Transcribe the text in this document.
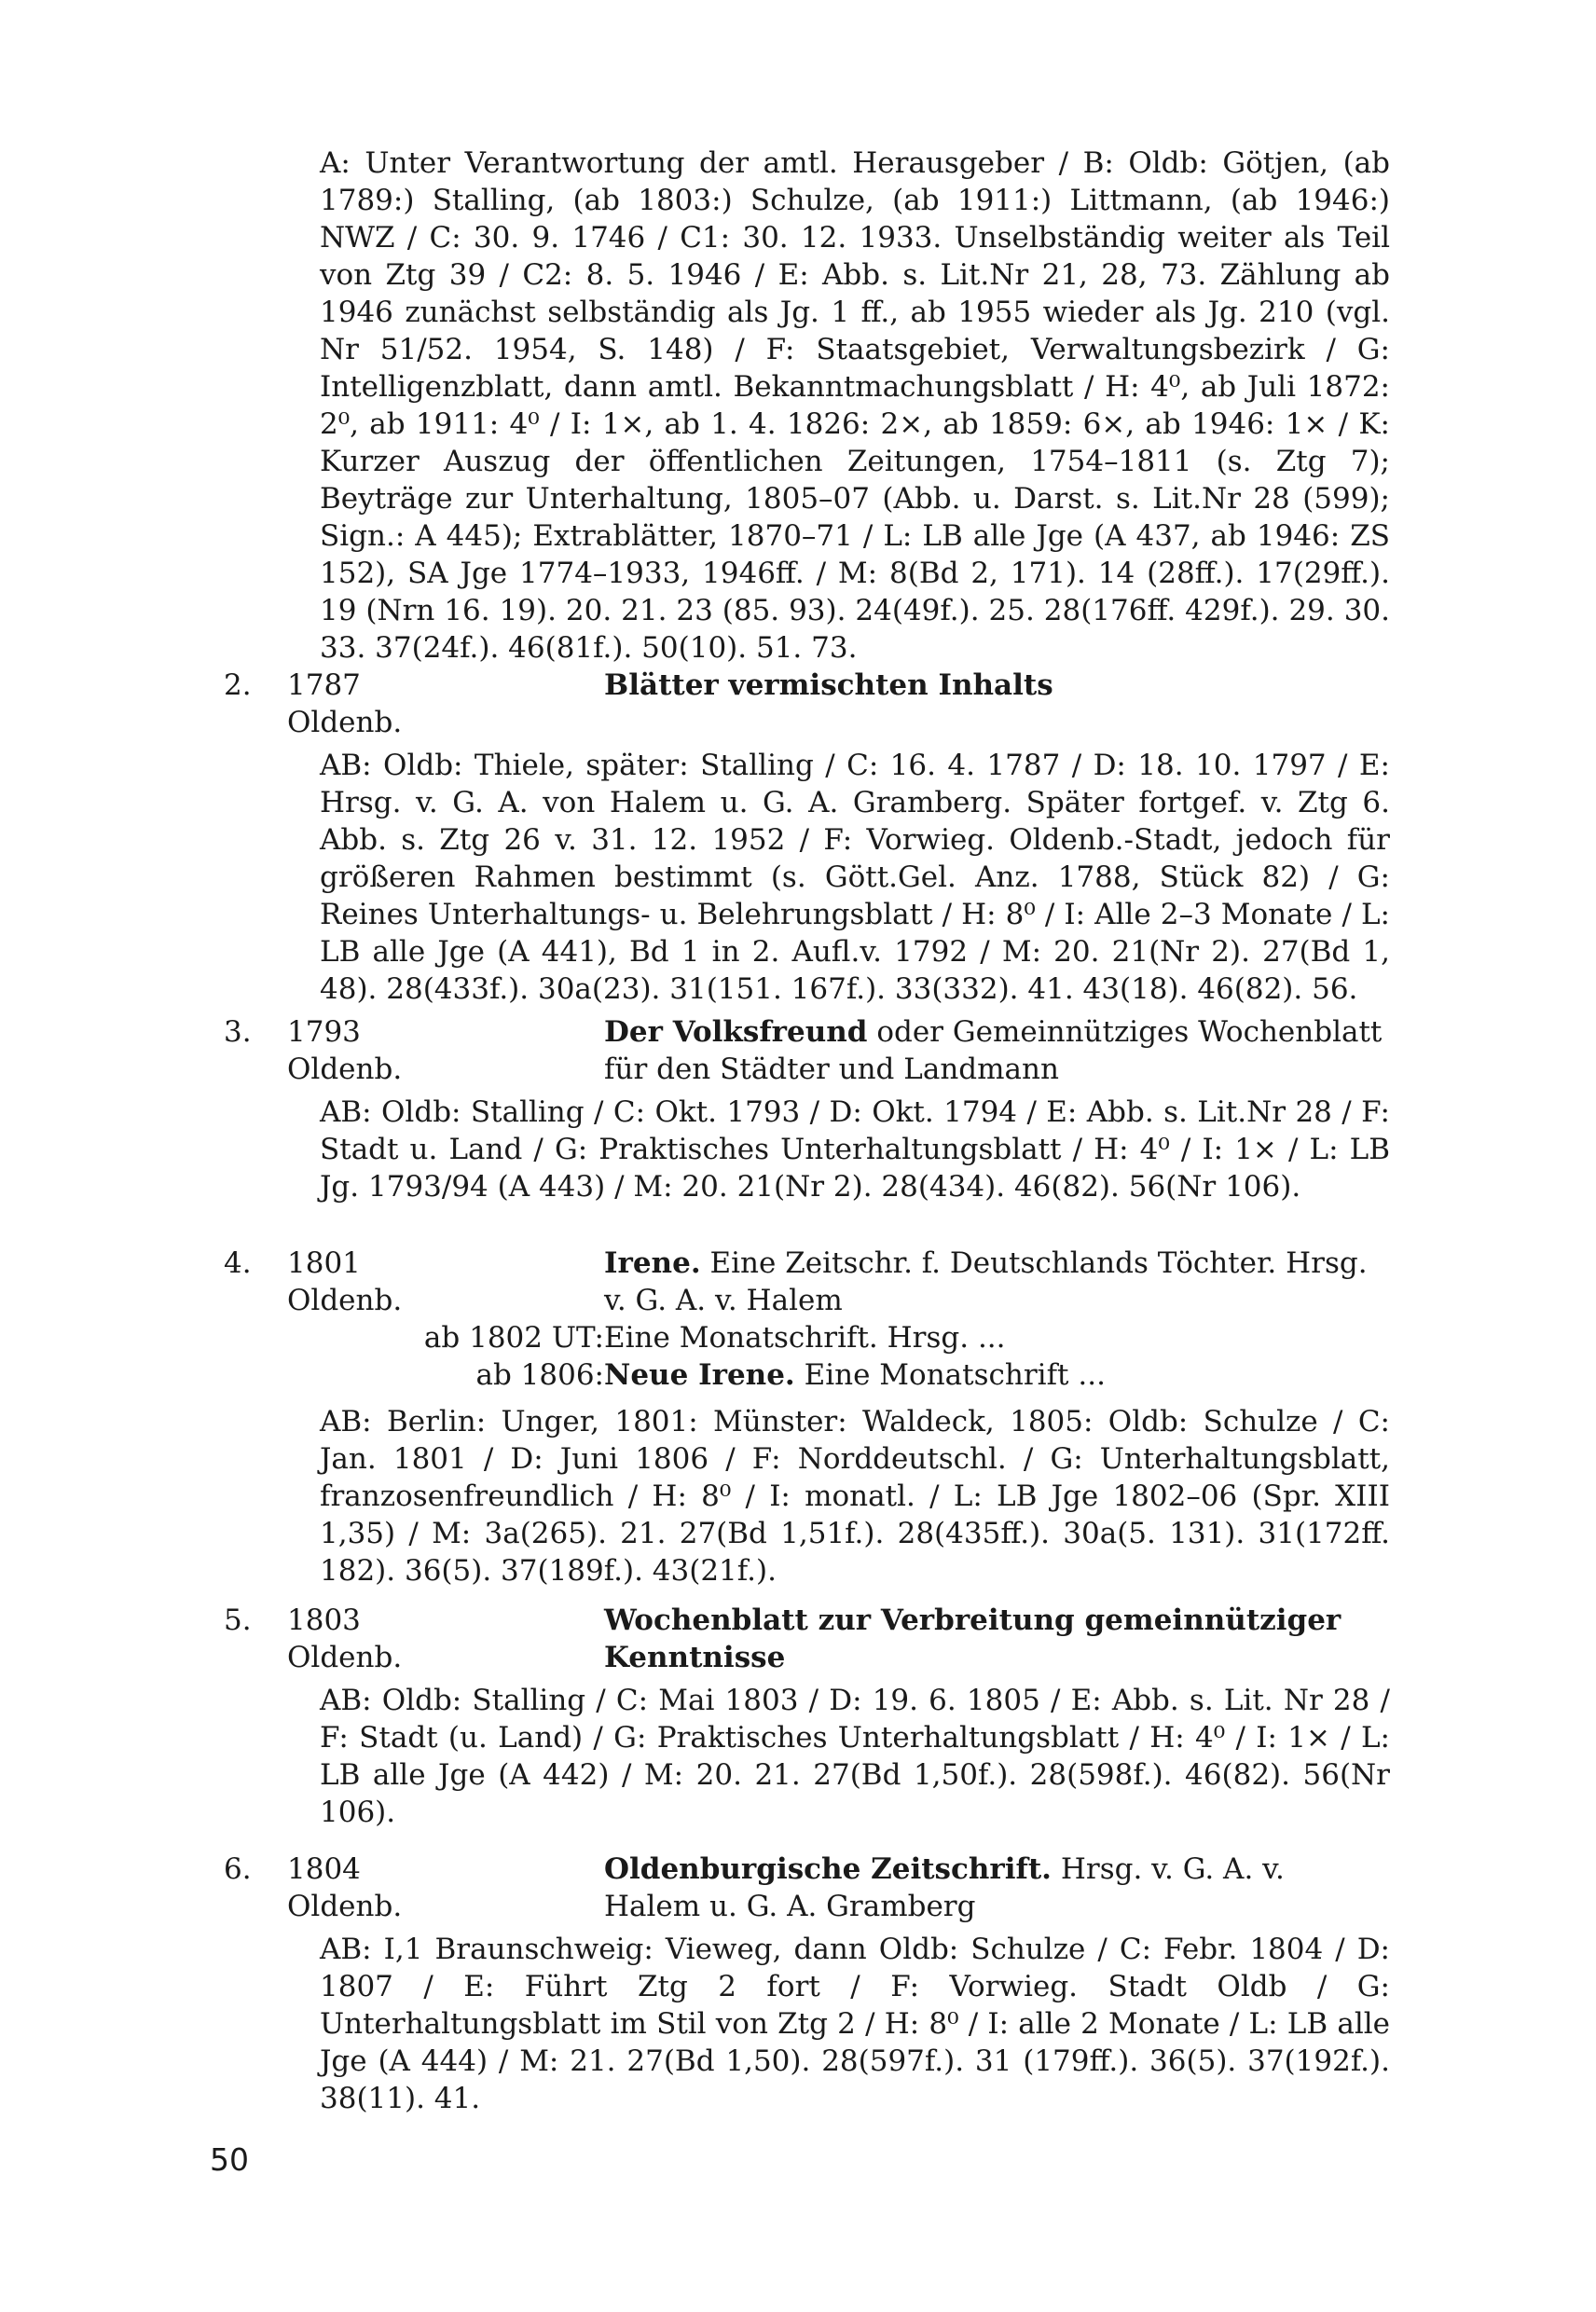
A: Unter Verantwortung der amtl. Herausgeber / B: Oldb: Götjen, (ab 1789:) Stalling, (ab 1803:) Schulze, (ab 1911:) Littmann, (ab 1946:) NWZ / C: 30. 9. 1746 / C1: 30. 12. 1933. Unselbständig weiter als Teil von Ztg 39 / C2: 8. 5. 1946 / E: Abb. s. Lit.Nr 21, 28, 73. Zählung ab 1946 zunächst selbständig als Jg. 1 ff., ab 1955 wieder als Jg. 210 (vgl. Nr 51/52. 1954, S. 148) / F: Staatsgebiet, Verwaltungsbezirk / G: Intelligenzblatt, dann amtl. Bekanntmachungsblatt / H: 4⁰, ab Juli 1872: 2⁰, ab 1911: 4⁰ / I: 1×, ab 1. 4. 1826: 2×, ab 1859: 6×, ab 1946: 1× / K: Kurzer Auszug der öffentlichen Zeitungen, 1754–1811 (s. Ztg 7); Beyträge zur Unterhaltung, 1805–07 (Abb. u. Darst. s. Lit.Nr 28 (599); Sign.: A 445); Extrablätter, 1870–71 / L: LB alle Jge (A 437, ab 1946: ZS 152), SA Jge 1774–1933, 1946ff. / M: 8(Bd 2, 171). 14 (28ff.). 17(29ff.). 19 (Nrn 16. 19). 20. 21. 23 (85. 93). 24(49f.). 25. 28(176ff. 429f.). 29. 30. 33. 37(24f.). 46(81f.). 50(10). 51. 73.
2. 1787
Oldenb.
Blätter vermischten Inhalts
AB: Oldb: Thiele, später: Stalling / C: 16. 4. 1787 / D: 18. 10. 1797 / E: Hrsg. v. G. A. von Halem u. G. A. Gramberg. Später fortgef. v. Ztg 6. Abb. s. Ztg 26 v. 31. 12. 1952 / F: Vorwieg. Oldenb.-Stadt, jedoch für größeren Rahmen bestimmt (s. Gött.Gel. Anz. 1788, Stück 82) / G: Reines Unterhaltungs- u. Belehrungsblatt / H: 8⁰ / I: Alle 2–3 Monate / L: LB alle Jge (A 441), Bd 1 in 2. Aufl.v. 1792 / M: 20. 21(Nr 2). 27(Bd 1, 48). 28(433f.). 30a(23). 31(151. 167f.). 33(332). 41. 43(18). 46(82). 56.
3. 1793
Oldenb.
Der Volksfreund oder Gemeinnütziges Wochenblatt für den Städter und Landmann
AB: Oldb: Stalling / C: Okt. 1793 / D: Okt. 1794 / E: Abb. s. Lit.Nr 28 / F: Stadt u. Land / G: Praktisches Unterhaltungsblatt / H: 4⁰ / I: 1× / L: LB Jg. 1793/94 (A 443) / M: 20. 21(Nr 2). 28(434). 46(82). 56(Nr 106).
4. 1801
Oldenb.
Irene. Eine Zeitschr. f. Deutschlands Töchter. Hrsg. v. G. A. v. Halem
ab 1802 UT: Eine Monatschrift. Hrsg. ...
ab 1806: Neue Irene. Eine Monatschrift ...
AB: Berlin: Unger, 1801: Münster: Waldeck, 1805: Oldb: Schulze / C: Jan. 1801 / D: Juni 1806 / F: Norddeutschl. / G: Unterhaltungsblatt, franzosenfreundlich / H: 8⁰ / I: monatl. / L: LB Jge 1802–06 (Spr. XIII 1,35) / M: 3a(265). 21. 27(Bd 1,51f.). 28(435ff.). 30a(5. 131). 31(172ff. 182). 36(5). 37(189f.). 43(21f.).
5. 1803
Oldenb.
Wochenblatt zur Verbreitung gemeinnütziger Kenntnisse
AB: Oldb: Stalling / C: Mai 1803 / D: 19. 6. 1805 / E: Abb. s. Lit. Nr 28 / F: Stadt (u. Land) / G: Praktisches Unterhaltungsblatt / H: 4⁰ / I: 1× / L: LB alle Jge (A 442) / M: 20. 21. 27(Bd 1,50f.). 28(598f.). 46(82). 56(Nr 106).
6. 1804
Oldenb.
Oldenburgische Zeitschrift. Hrsg. v. G. A. v. Halem u. G. A. Gramberg
AB: I,1 Braunschweig: Vieweg, dann Oldb: Schulze / C: Febr. 1804 / D: 1807 / E: Führt Ztg 2 fort / F: Vorwieg. Stadt Oldb / G: Unterhaltungsblatt im Stil von Ztg 2 / H: 8⁰ / I: alle 2 Monate / L: LB alle Jge (A 444) / M: 21. 27(Bd 1,50). 28(597f.). 31 (179ff.). 36(5). 37(192f.). 38(11). 41.
50
